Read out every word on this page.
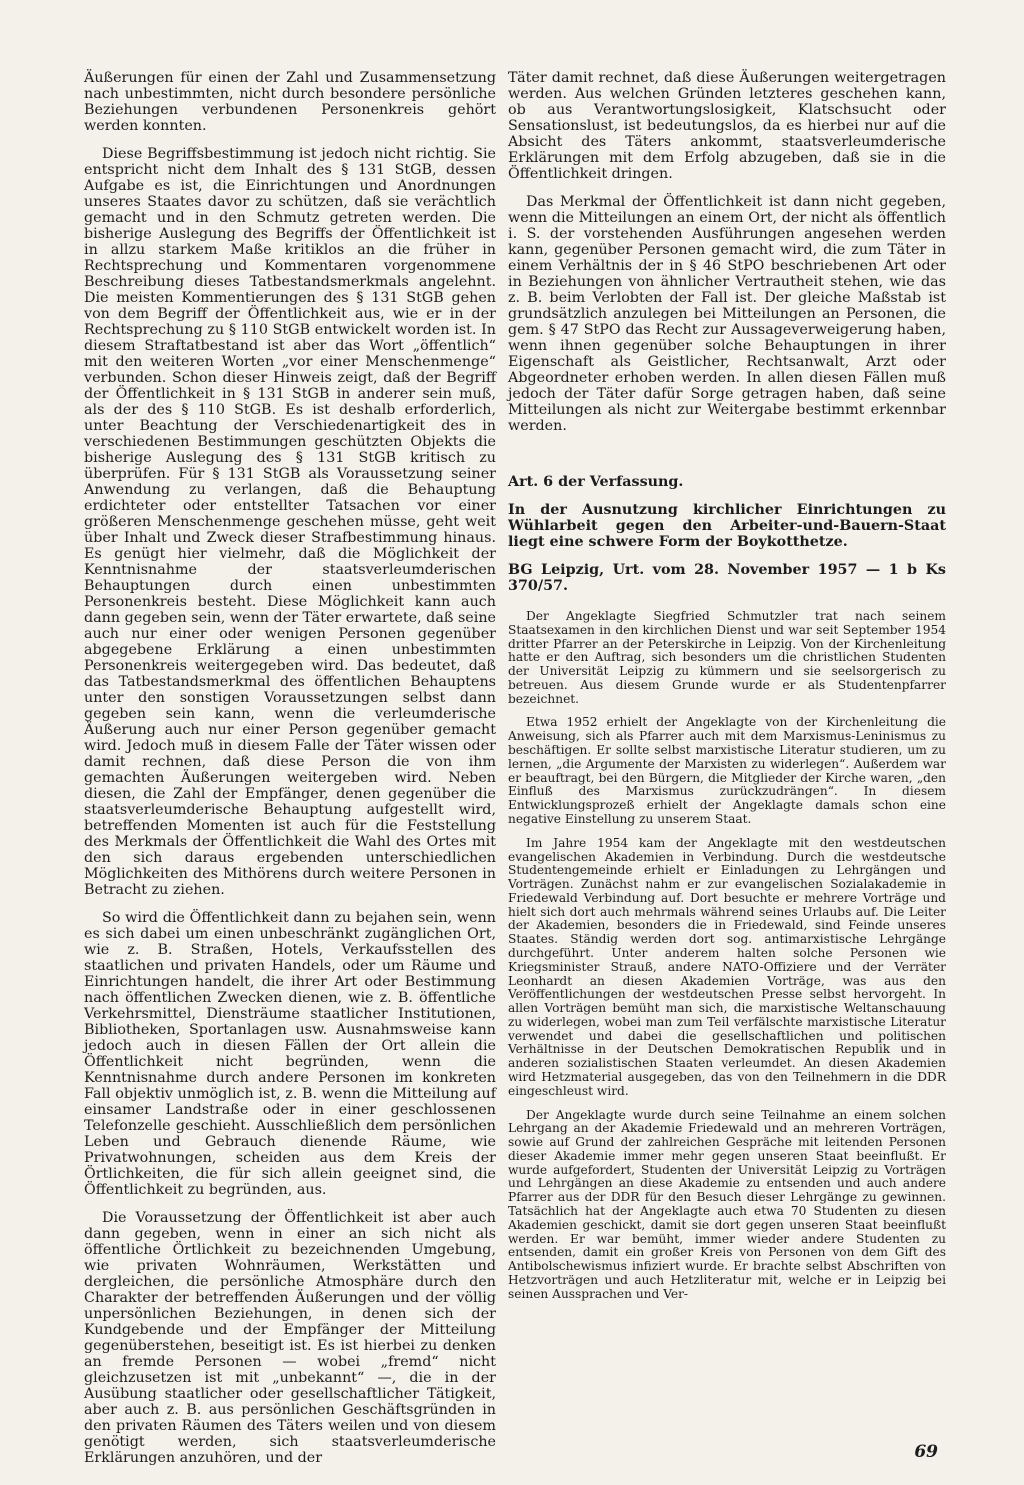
Äußerungen für einen der Zahl und Zusammensetzung nach unbestimmten, nicht durch besondere persönliche Beziehungen verbundenen Personenkreis gehört werden konnten.

Diese Begriffsbestimmung ist jedoch nicht richtig. Sie entspricht nicht dem Inhalt des § 131 StGB, dessen Aufgabe es ist, die Einrichtungen und Anordnungen unseres Staates davor zu schützen, daß sie verächtlich gemacht und in den Schmutz getreten werden. Die bisherige Auslegung des Begriffs der Öffentlichkeit ist in allzu starkem Maße kritiklos an die früher in Rechtsprechung und Kommentaren vorgenommene Beschreibung dieses Tatbestandsmerkmals angelehnt. Die meisten Kommentierungen des § 131 StGB gehen von dem Begriff der Öffentlichkeit aus, wie er in der Rechtsprechung zu § 110 StGB entwickelt worden ist. In diesem Straftatbestand ist aber das Wort „öffentlich“ mit den weiteren Worten „vor einer Menschenmenge“ verbunden. Schon dieser Hinweis zeigt, daß der Begriff der Öffentlichkeit in § 131 StGB in anderer sein muß, als der des § 110 StGB. Es ist deshalb erforderlich, unter Beachtung der Verschiedenartigkeit des in verschiedenen Bestimmungen geschützten Objekts die bisherige Auslegung des § 131 StGB kritisch zu überprüfen. Für § 131 StGB als Voraussetzung seiner Anwendung zu verlangen, daß die Behauptung erdichteter oder entstellter Tatsachen vor einer größeren Menschenmenge geschehen müsse, geht weit über Inhalt und Zweck dieser Strafbestimmung hinaus. Es genügt hier vielmehr, daß die Möglichkeit der Kenntnisnahme der staatsverleumderischen Behauptungen durch einen unbestimmten Personenkreis besteht. Diese Möglichkeit kann auch dann gegeben sein, wenn der Täter erwartete, daß seine auch nur einer oder wenigen Personen gegenüber abgegebene Erklärung a einen unbestimmten Personenkreis weitergegeben wird. Das bedeutet, daß das Tatbestandsmerkmal des öffentlichen Behauptens unter den sonstigen Voraussetzungen selbst dann gegeben sein kann, wenn die verleumderische Äußerung auch nur einer Person gegenüber gemacht wird. Jedoch muß in diesem Falle der Täter wissen oder damit rechnen, daß diese Person die von ihm gemachten Äußerungen weitergeben wird. Neben diesen, die Zahl der Empfänger, denen gegenüber die staatsverleumderische Behauptung aufgestellt wird, betreffenden Momenten ist auch für die Feststellung des Merkmals der Öffentlichkeit die Wahl des Ortes mit den sich daraus ergebenden unterschiedlichen Möglichkeiten des Mithörens durch weitere Personen in Betracht zu ziehen.

So wird die Öffentlichkeit dann zu bejahen sein, wenn es sich dabei um einen unbeschränkt zugänglichen Ort, wie z. B. Straßen, Hotels, Verkaufsstellen des staatlichen und privaten Handels, oder um Räume und Einrichtungen handelt, die ihrer Art oder Bestimmung nach öffentlichen Zwecken dienen, wie z. B. öffentliche Verkehrsmittel, Diensträume staatlicher Institutionen, Bibliotheken, Sportanlagen usw. Ausnahmsweise kann jedoch auch in diesen Fällen der Ort allein die Öffentlichkeit nicht begründen, wenn die Kenntnisnahme durch andere Personen im konkreten Fall objektiv unmöglich ist, z. B. wenn die Mitteilung auf einsamer Landstraße oder in einer geschlossenen Telefonzelle geschieht. Ausschließlich dem persönlichen Leben und Gebrauch dienende Räume, wie Privatwohnungen, scheiden aus dem Kreis der Örtlichkeiten, die für sich allein geeignet sind, die Öffentlichkeit zu begründen, aus.

Die Voraussetzung der Öffentlichkeit ist aber auch dann gegeben, wenn in einer an sich nicht als öffentliche Örtlichkeit zu bezeichnenden Umgebung, wie privaten Wohnräumen, Werkstätten und dergleichen, die persönliche Atmosphäre durch den Charakter der betreffenden Äußerungen und der völlig unpersönlichen Beziehungen, in denen sich der Kundgebende und der Empfänger der Mitteilung gegenüberstehen, beseitigt ist. Es ist hierbei zu denken an fremde Personen — wobei „fremd“ nicht gleichzusetzen ist mit „unbekannt“ —, die in der Ausübung staatlicher oder gesellschaftlicher Tätigkeit, aber auch z. B. aus persönlichen Geschäftsgründen in den privaten Räumen des Täters weilen und von diesem genötigt werden, sich staatsverleumderische Erklärungen anzuhören, und der

Täter damit rechnet, daß diese Äußerungen weitergetragen werden. Aus welchen Gründen letzteres geschehen kann, ob aus Verantwortungslosigkeit, Klatschsucht oder Sensationslust, ist bedeutungslos, da es hierbei nur auf die Absicht des Täters ankommt, staatsverleumderische Erklärungen mit dem Erfolg abzugeben, daß sie in die Öffentlichkeit dringen.

Das Merkmal der Öffentlichkeit ist dann nicht gegeben, wenn die Mitteilungen an einem Ort, der nicht als öffentlich i. S. der vorstehenden Ausführungen angesehen werden kann, gegenüber Personen gemacht wird, die zum Täter in einem Verhältnis der in § 46 StPO beschriebenen Art oder in Beziehungen von ähnlicher Vertrautheit stehen, wie das z. B. beim Verlobten der Fall ist. Der gleiche Maßstab ist grundsätzlich anzulegen bei Mitteilungen an Personen, die gem. § 47 StPO das Recht zur Aussageverweigerung haben, wenn ihnen gegenüber solche Behauptungen in ihrer Eigenschaft als Geistlicher, Rechtsanwalt, Arzt oder Abgeordneter erhoben werden. In allen diesen Fällen muß jedoch der Täter dafür Sorge getragen haben, daß seine Mitteilungen als nicht zur Weitergabe bestimmt erkennbar werden.

Art. 6 der Verfassung.

In der Ausnutzung kirchlicher Einrichtungen zu Wühlarbeit gegen den Arbeiter-und-Bauern-Staat liegt eine schwere Form der Boykotthetze.

BG Leipzig, Urt. vom 28. November 1957 — 1 b Ks 370/57.

Der Angeklagte Siegfried Schmutzler trat nach seinem Staatsexamen in den kirchlichen Dienst und war seit September 1954 dritter Pfarrer an der Peterskirche in Leipzig. Von der Kirchenleitung hatte er den Auftrag, sich besonders um die christlichen Studenten der Universität Leipzig zu kümmern und sie seelsorgerisch zu betreuen. Aus diesem Grunde wurde er als Studentenpfarrer bezeichnet.

Etwa 1952 erhielt der Angeklagte von der Kirchenleitung die Anweisung, sich als Pfarrer auch mit dem Marxismus-Leninismus zu beschäftigen. Er sollte selbst marxistische Literatur studieren, um zu lernen, „die Argumente der Marxisten zu widerlegen“. Außerdem war er beauftragt, bei den Bürgern, die Mitglieder der Kirche waren, „den Einfluß des Marxismus zurückzudrängen“. In diesem Entwicklungsprozeß erhielt der Angeklagte damals schon eine negative Einstellung zu unserem Staat.

Im Jahre 1954 kam der Angeklagte mit den westdeutschen evangelischen Akademien in Verbindung. Durch die westdeutsche Studentengemeinde erhielt er Einladungen zu Lehrgängen und Vorträgen. Zunächst nahm er zur evangelischen Sozialakademie in Friedewald Verbindung auf. Dort besuchte er mehrere Vorträge und hielt sich dort auch mehrmals während seines Urlaubs auf. Die Leiter der Akademien, besonders die in Friedewald, sind Feinde unseres Staates. Ständig werden dort sog. antimarxistische Lehrgänge durchgeführt. Unter anderem halten solche Personen wie Kriegsminister Strauß, andere NATO-Offiziere und der Verräter Leonhardt an diesen Akademien Vorträge, was aus den Veröffentlichungen der westdeutschen Presse selbst hervorgeht. In allen Vorträgen bemüht man sich, die marxistische Weltanschauung zu widerlegen, wobei man zum Teil verfälschte marxistische Literatur verwendet und dabei die gesellschaftlichen und politischen Verhältnisse in der Deutschen Demokratischen Republik und in anderen sozialistischen Staaten verleumdet. An diesen Akademien wird Hetzmaterial ausgegeben, das von den Teilnehmern in die DDR eingeschleust wird.

Der Angeklagte wurde durch seine Teilnahme an einem solchen Lehrgang an der Akademie Friedewald und an mehreren Vorträgen, sowie auf Grund der zahlreichen Gespräche mit leitenden Personen dieser Akademie immer mehr gegen unseren Staat beeinflußt. Er wurde aufgefordert, Studenten der Universität Leipzig zu Vorträgen und Lehrgängen an diese Akademie zu entsenden und auch andere Pfarrer aus der DDR für den Besuch dieser Lehrgänge zu gewinnen. Tatsächlich hat der Angeklagte auch etwa 70 Studenten zu diesen Akademien geschickt, damit sie dort gegen unseren Staat beeinflußt werden. Er war bemüht, immer wieder andere Studenten zu entsenden, damit ein großer Kreis von Personen von dem Gift des Antibolschewismus infiziert wurde. Er brachte selbst Abschriften von Hetzvorträgen und auch Hetzliteratur mit, welche er in Leipzig bei seinen Aussprachen und Ver-

69
